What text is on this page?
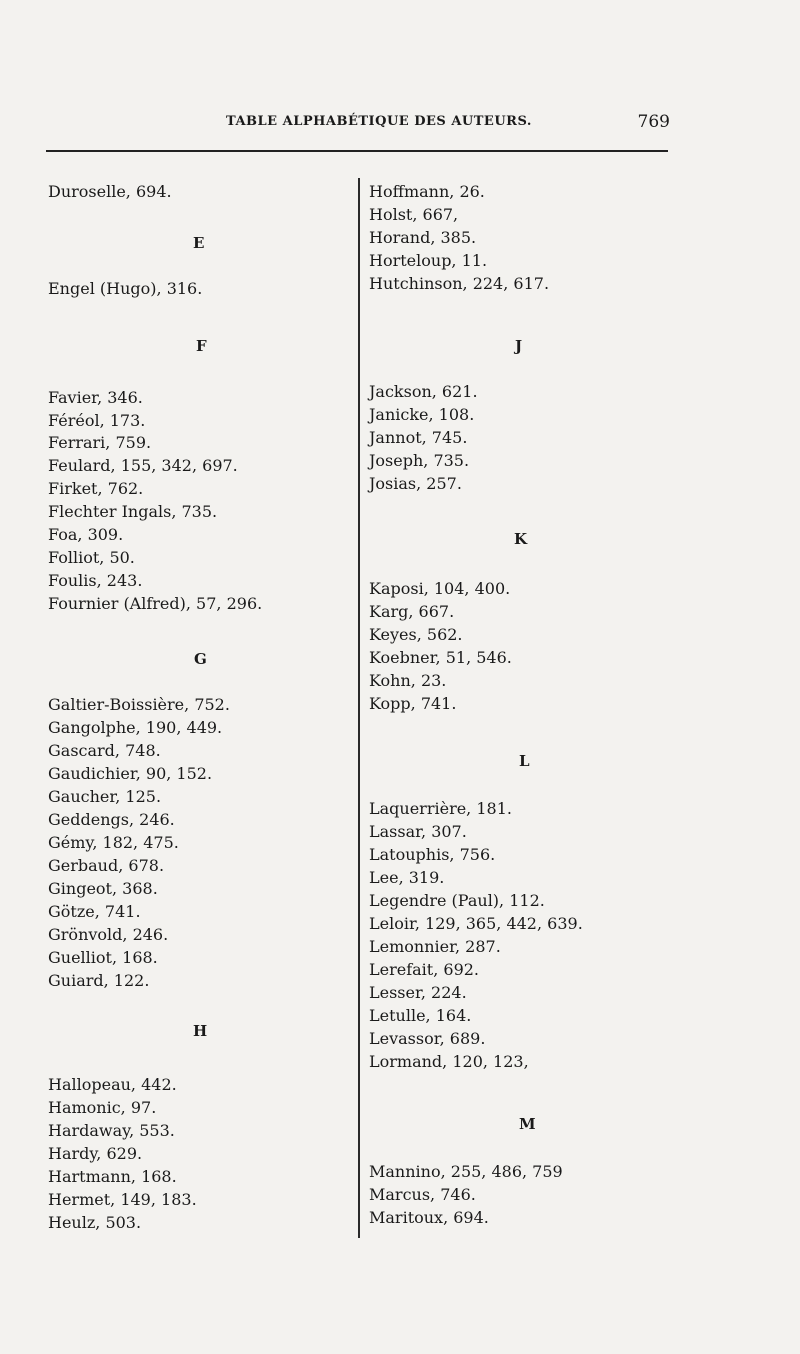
TABLE ALPHABÉTIQUE DES AUTEURS.	769
Duroselle, 694.
E
Engel (Hugo), 316.
F
Favier, 346.
Féréol, 173.
Ferrari, 759.
Feulard, 155, 342, 697.
Firket, 762.
Flechter Ingals, 735.
Foa, 309.
Folliot, 50.
Foulis, 243.
Fournier (Alfred), 57, 296.
G
Galtier-Boissière, 752.
Gangolphe, 190, 449.
Gascard, 748.
Gaudichier, 90, 152.
Gaucher, 125.
Geddengs, 246.
Gémy, 182, 475.
Gerbaud, 678.
Gingeot, 368.
Götze, 741.
Grönvold, 246.
Guelliot, 168.
Guiard, 122.
H
Hallopeau, 442.
Hamonic, 97.
Hardaway, 553.
Hardy, 629.
Hartmann, 168.
Hermet, 149, 183.
Heulz, 503.
Hoffmann, 26.
Holst, 667,
Horand, 385.
Horteloup, 11.
Hutchinson, 224, 617.
J
Jackson, 621.
Janicke, 108.
Jannot, 745.
Joseph, 735.
Josias, 257.
K
Kaposi, 104, 400.
Karg, 667.
Keyes, 562.
Koebner, 51, 546.
Kohn, 23.
Kopp, 741.
L
Laquerrière, 181.
Lassar, 307.
Latouphis, 756.
Lee, 319.
Legendre (Paul), 112.
Leloir, 129, 365, 442, 639.
Lemonnier, 287.
Lerefait, 692.
Lesser, 224.
Letulle, 164.
Levassor, 689.
Lormand, 120, 123,
M
Mannino, 255, 486, 759
Marcus, 746.
Maritoux, 694.
